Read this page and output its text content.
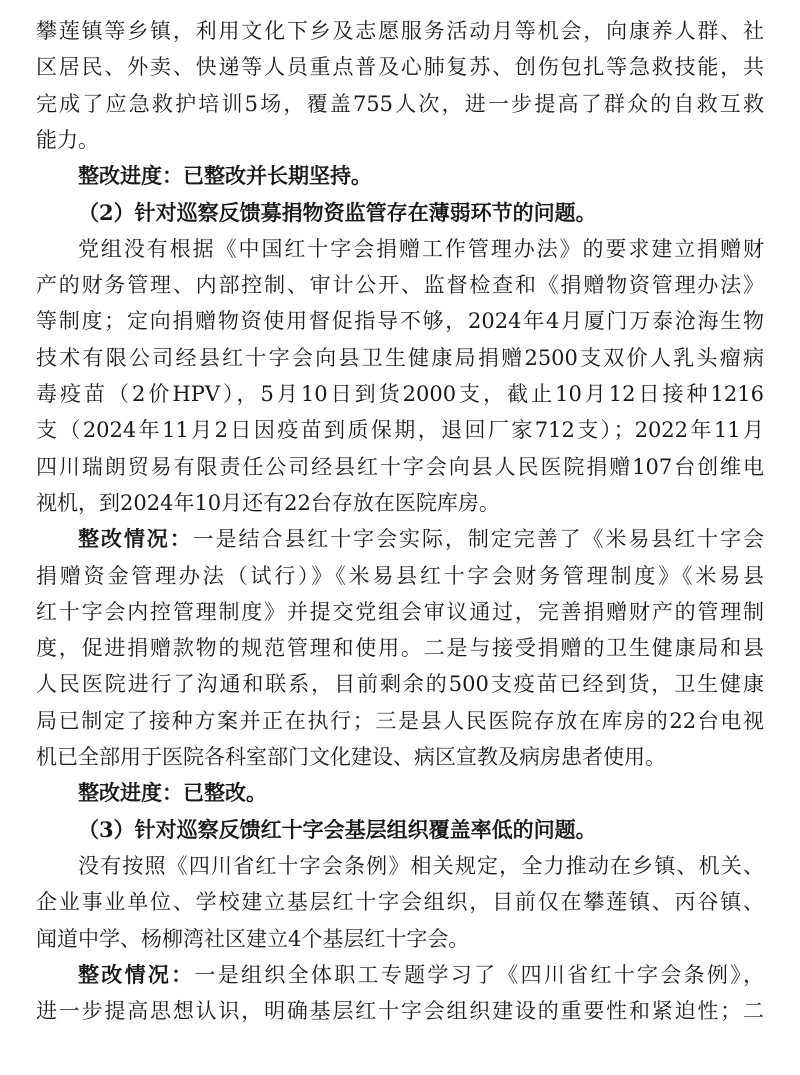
攀莲镇等乡镇，利用文化下乡及志愿服务活动月等机会，向康养人群、社
区居民、外卖、快递等人员重点普及心肺复苏、创伤包扎等急救技能，共
完成了应急救护培训5场，覆盖755人次，进一步提高了群众的自救互救
能力。
整改进度：已整改并长期坚持。
（2）针对巡察反馈募捐物资监管存在薄弱环节的问题。
党组没有根据《中国红十字会捐赠工作管理办法》的要求建立捐赠财
产的财务管理、内部控制、审计公开、监督检查和《捐赠物资管理办法》
等制度；定向捐赠物资使用督促指导不够，2024年4月厦门万泰沧海生物
技术有限公司经县红十字会向县卫生健康局捐赠2500支双价人乳头瘤病
毒疫苗（2价HPV），5月10日到货2000支，截止10月12日接种1216
支（2024年11月2日因疫苗到质保期，退回厂家712支）；2022年11月
四川瑞朗贸易有限责任公司经县红十字会向县人民医院捐赠107台创维电
视机，到2024年10月还有22台存放在医院库房。
整改情况：一是结合县红十字会实际，制定完善了《米易县红十字会
捐赠资金管理办法（试行）》《米易县红十字会财务管理制度》《米易县
红十字会内控管理制度》并提交党组会审议通过，完善捐赠财产的管理制
度，促进捐赠款物的规范管理和使用。二是与接受捐赠的卫生健康局和县
人民医院进行了沟通和联系，目前剩余的500支疫苗已经到货，卫生健康
局已制定了接种方案并正在执行；三是县人民医院存放在库房的22台电视
机已全部用于医院各科室部门文化建设、病区宣教及病房患者使用。
整改进度：已整改。
（3）针对巡察反馈红十字会基层组织覆盖率低的问题。
没有按照《四川省红十字会条例》相关规定，全力推动在乡镇、机关、
企业事业单位、学校建立基层红十字会组织，目前仅在攀莲镇、丙谷镇、
闻道中学、杨柳湾社区建立4个基层红十字会。
整改情况：一是组织全体职工专题学习了《四川省红十字会条例》，
进一步提高思想认识，明确基层红十字会组织建设的重要性和紧迫性；二
